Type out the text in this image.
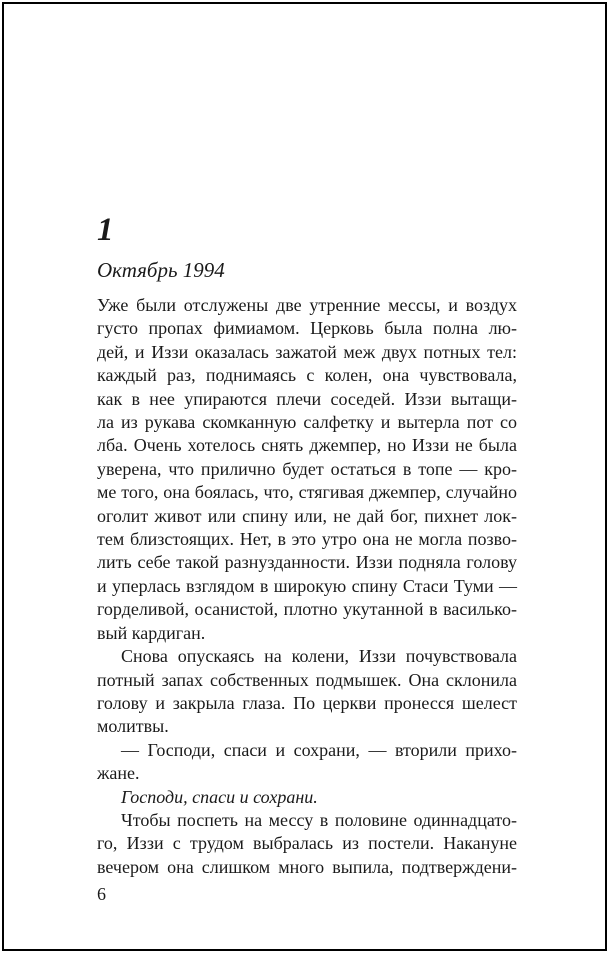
1
Октябрь 1994
Уже были отслужены две утренние мессы, и воздух
густо пропах фимиамом. Церковь была полна лю-
дей, и Иззи оказалась зажатой меж двух потных тел:
каждый раз, поднимаясь с колен, она чувствовала,
как в нее упираются плечи соседей. Иззи вытащи-
ла из рукава скомканную салфетку и вытерла пот со
лба. Очень хотелось снять джемпер, но Иззи не была
уверена, что прилично будет остаться в топе — кро-
ме того, она боялась, что, стягивая джемпер, случайно
оголит живот или спину или, не дай бог, пихнет лок-
тем близстоящих. Нет, в это утро она не могла позво-
лить себе такой разнузданности. Иззи подняла голову
и уперлась взглядом в широкую спину Стаси Туми —
горделивой, осанистой, плотно укутанной в василько-
вый кардиган.
Снова опускаясь на колени, Иззи почувствовала
потный запах собственных подмышек. Она склонила
голову и закрыла глаза. По церкви пронесся шелест
молитвы.
— Господи, спаси и сохрани, — вторили прихо-
жане.
Господи, спаси и сохрани.
Чтобы поспеть на мессу в половине одиннадцато-
го, Иззи с трудом выбралась из постели. Накануне
вечером она слишком много выпила, подтверждени-
6
